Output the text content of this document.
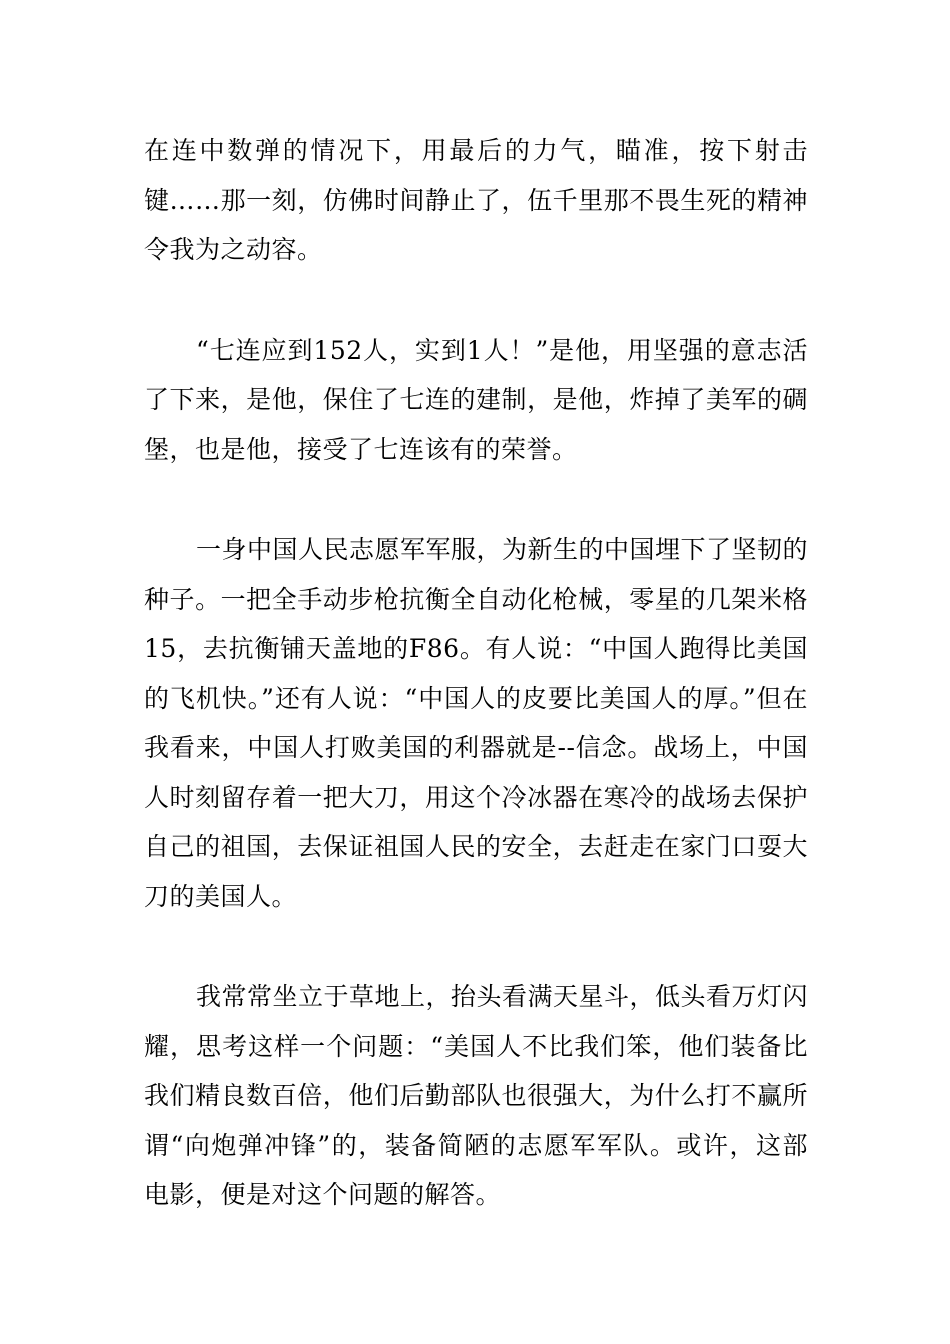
在连中数弹的情况下，用最后的力气，瞄准，按下射击键……那一刻，仿佛时间静止了，伍千里那不畏生死的精神令我为之动容。

“七连应到152人，实到1人！”是他，用坚强的意志活了下来，是他，保住了七连的建制，是他，炸掉了美军的碉堡，也是他，接受了七连该有的荣誉。

一身中国人民志愿军军服，为新生的中国埋下了坚韧的种子。一把全手动步枪抗衡全自动化枪械，零星的几架米格15，去抗衡铺天盖地的F86。有人说：“中国人跑得比美国的飞机快。”还有人说：“中国人的皮要比美国人的厚。”但在我看来，中国人打败美国的利器就是--信念。战场上，中国人时刻留存着一把大刀，用这个冷冰器在寒冷的战场去保护自己的祖国，去保证祖国人民的安全，去赶走在家门口耍大刀的美国人。

我常常坐立于草地上，抬头看满天星斗，低头看万灯闪耀，思考这样一个问题：“美国人不比我们笨，他们装备比我们精良数百倍，他们后勤部队也很强大，为什么打不赢所谓“向炮弹冲锋”的，装备简陋的志愿军军队。或许，这部电影，便是对这个问题的解答。
